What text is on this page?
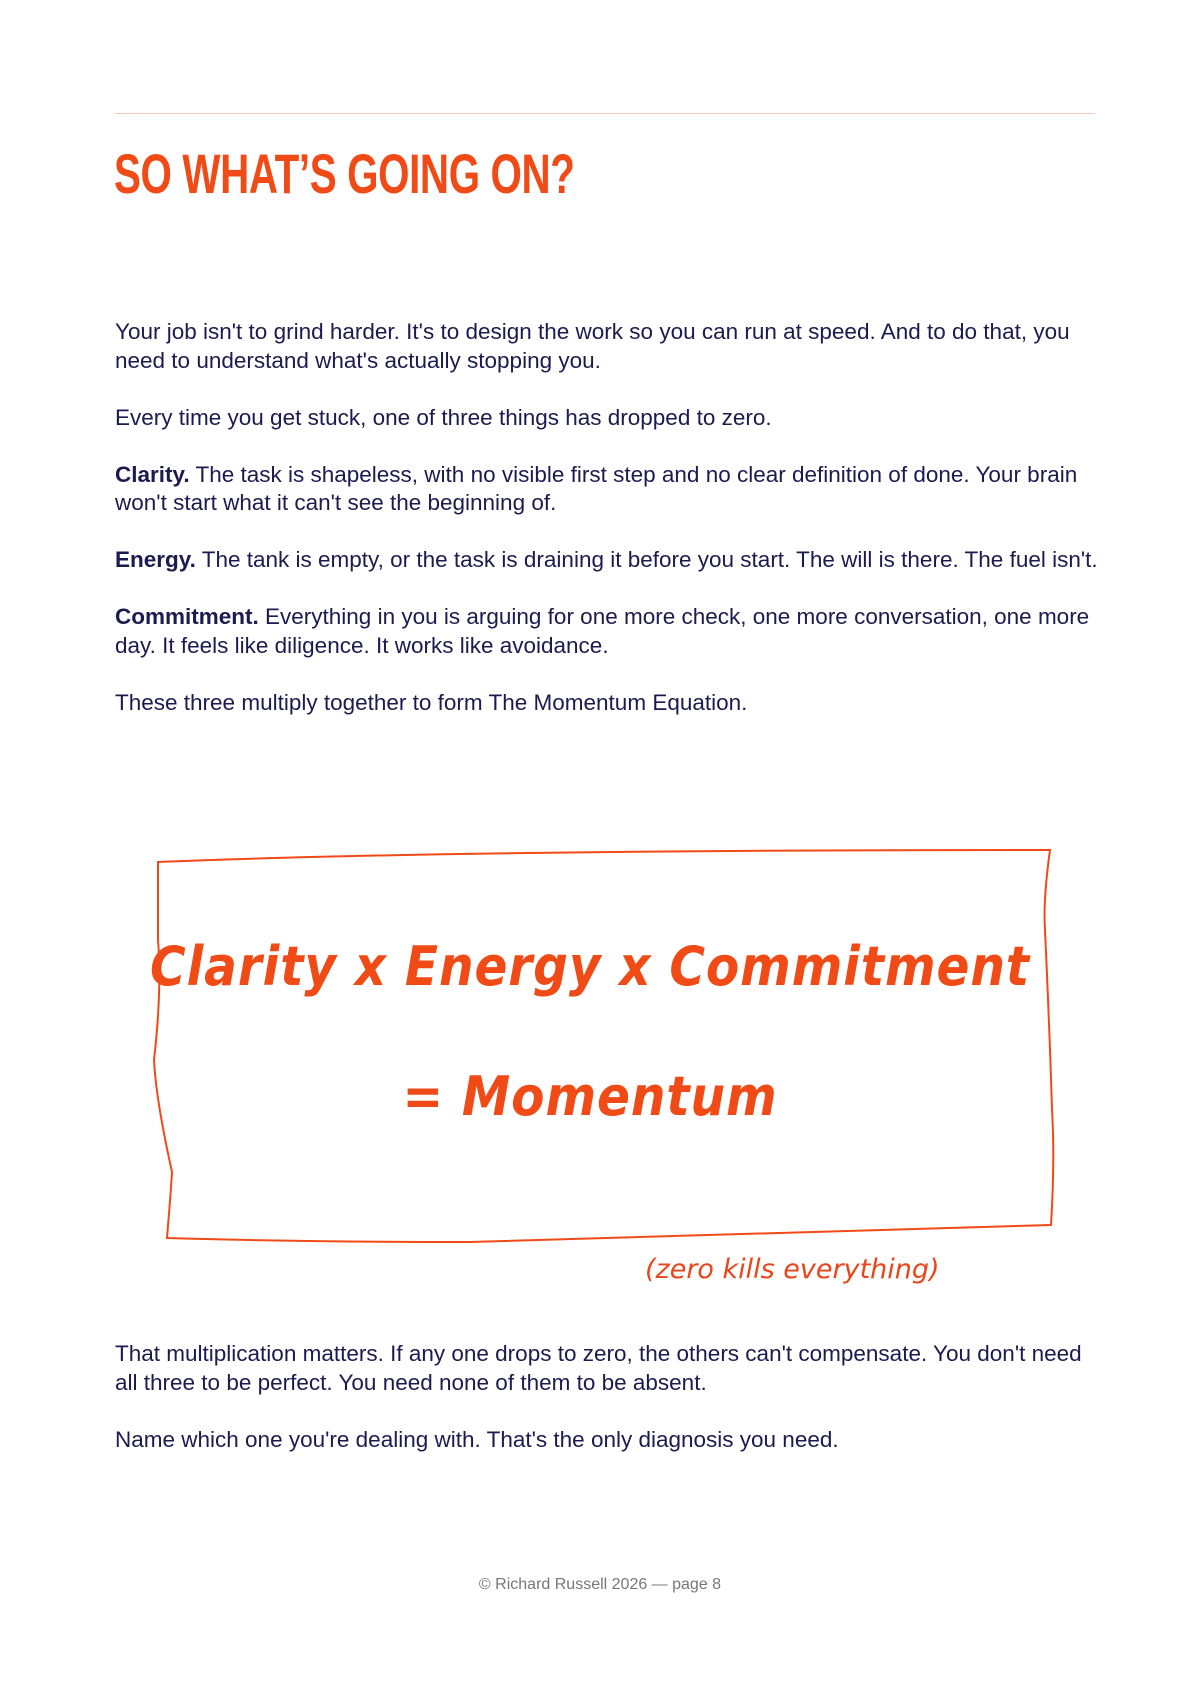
SO WHAT’S GOING ON?

Your job isn't to grind harder. It's to design the work so you can run at speed. And to do that, you need to understand what's actually stopping you.

Every time you get stuck, one of three things has dropped to zero.

Clarity. The task is shapeless, with no visible first step and no clear definition of done. Your brain won't start what it can't see the beginning of.

Energy. The tank is empty, or the task is draining it before you start. The will is there. The fuel isn't.

Commitment. Everything in you is arguing for one more check, one more conversation, one more day. It feels like diligence. It works like avoidance.

These three multiply together to form The Momentum Equation.

Clarity x Energy x Commitment
= Momentum
(zero kills everything)

That multiplication matters. If any one drops to zero, the others can't compensate. You don't need all three to be perfect. You need none of them to be absent.

Name which one you're dealing with. That's the only diagnosis you need.

© Richard Russell 2026 — page 8
